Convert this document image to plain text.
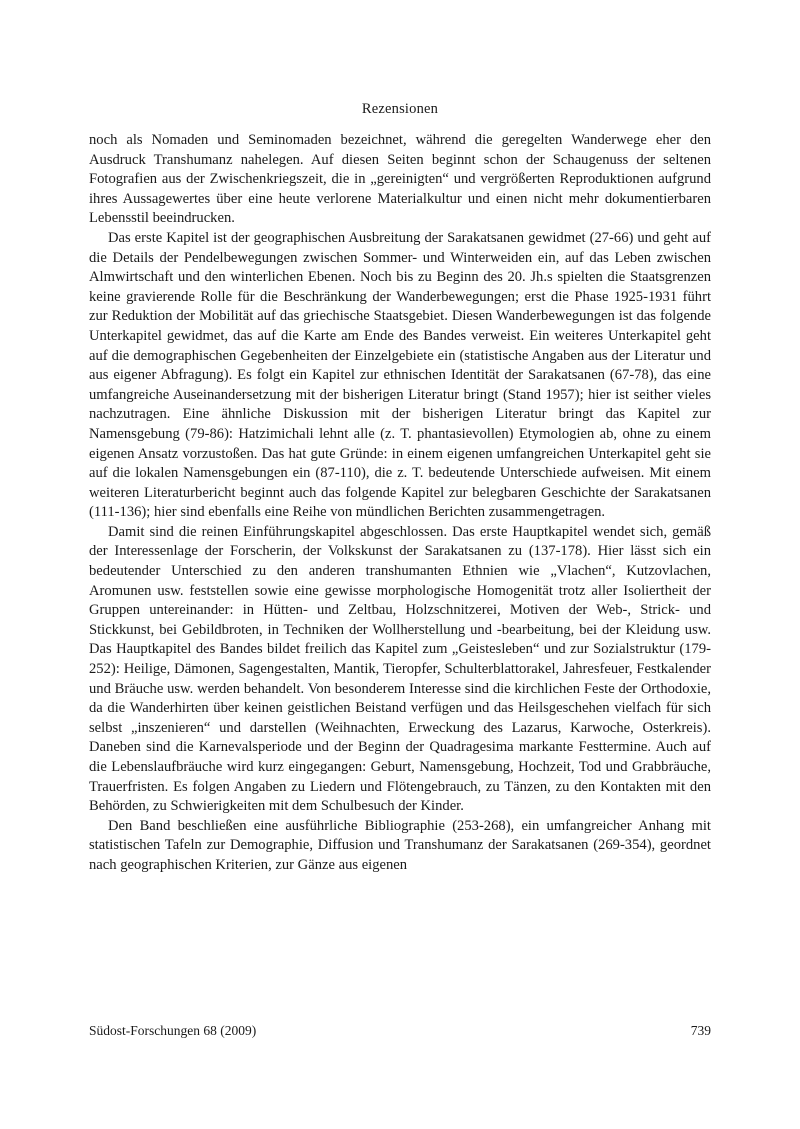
Rezensionen

noch als Nomaden und Seminomaden bezeichnet, während die geregelten Wanderwege eher den Ausdruck Transhumanz nahelegen. Auf diesen Seiten beginnt schon der Schaugenuss der seltenen Fotografien aus der Zwischenkriegszeit, die in „gereinigten“ und vergrößerten Reproduktionen aufgrund ihres Aussagewertes über eine heute verlorene Materialkultur und einen nicht mehr dokumentierbaren Lebensstil beeindrucken.

Das erste Kapitel ist der geographischen Ausbreitung der Sarakatsanen gewidmet (27-66) und geht auf die Details der Pendelbewegungen zwischen Sommer- und Winterweiden ein, auf das Leben zwischen Almwirtschaft und den winterlichen Ebenen. Noch bis zu Beginn des 20. Jh.s spielten die Staatsgrenzen keine gravierende Rolle für die Beschränkung der Wanderbewegungen; erst die Phase 1925-1931 führt zur Reduktion der Mobilität auf das griechische Staatsgebiet. Diesen Wanderbewegungen ist das folgende Unterkapitel gewidmet, das auf die Karte am Ende des Bandes verweist. Ein weiteres Unterkapitel geht auf die demographischen Gegebenheiten der Einzelgebiete ein (statistische Angaben aus der Literatur und aus eigener Abfragung). Es folgt ein Kapitel zur ethnischen Identität der Sarakatsanen (67-78), das eine umfangreiche Auseinandersetzung mit der bisherigen Literatur bringt (Stand 1957); hier ist seither vieles nachzutragen. Eine ähnliche Diskussion mit der bisherigen Literatur bringt das Kapitel zur Namensgebung (79-86): Hatzimichali lehnt alle (z. T. phantasievollen) Etymologien ab, ohne zu einem eigenen Ansatz vorzustoßen. Das hat gute Gründe: in einem eigenen umfangreichen Unterkapitel geht sie auf die lokalen Namensgebungen ein (87-110), die z. T. bedeutende Unterschiede aufweisen. Mit einem weiteren Literaturbericht beginnt auch das folgende Kapitel zur belegbaren Geschichte der Sarakatsanen (111-136); hier sind ebenfalls eine Reihe von mündlichen Berichten zusammengetragen.

Damit sind die reinen Einführungskapitel abgeschlossen. Das erste Hauptkapitel wendet sich, gemäß der Interessenlage der Forscherin, der Volkskunst der Sarakatsanen zu (137-178). Hier lässt sich ein bedeutender Unterschied zu den anderen transhumanten Ethnien wie „Vlachen“, Kutzovlachen, Aromunen usw. feststellen sowie eine gewisse morphologische Homogenität trotz aller Isoliertheit der Gruppen untereinander: in Hütten- und Zeltbau, Holzschnitzerei, Motiven der Web-, Strick- und Stickkunst, bei Gebildbroten, in Techniken der Wollherstellung und -bearbeitung, bei der Kleidung usw. Das Hauptkapitel des Bandes bildet freilich das Kapitel zum „Geistesleben“ und zur Sozialstruktur (179-252): Heilige, Dämonen, Sagengestalten, Mantik, Tieropfer, Schulterblattorakel, Jahresfeuer, Festkalender und Bräuche usw. werden behandelt. Von besonderem Interesse sind die kirchlichen Feste der Orthodoxie, da die Wanderhirten über keinen geistlichen Beistand verfügen und das Heilsgeschehen vielfach für sich selbst „inszenieren“ und darstellen (Weihnachten, Erweckung des Lazarus, Karwoche, Osterkreis). Daneben sind die Karnevalsperiode und der Beginn der Quadragesima markante Festtermine. Auch auf die Lebenslaufbräuche wird kurz eingegangen: Geburt, Namensgebung, Hochzeit, Tod und Grabbräuche, Trauerfristen. Es folgen Angaben zu Liedern und Flötengebrauch, zu Tänzen, zu den Kontakten mit den Behörden, zu Schwierigkeiten mit dem Schulbesuch der Kinder.

Den Band beschließen eine ausführliche Bibliographie (253-268), ein umfangreicher Anhang mit statistischen Tafeln zur Demographie, Diffusion und Transhumanz der Sarakatsanen (269-354), geordnet nach geographischen Kriterien, zur Gänze aus eigenen

Südost-Forschungen 68 (2009)	739
